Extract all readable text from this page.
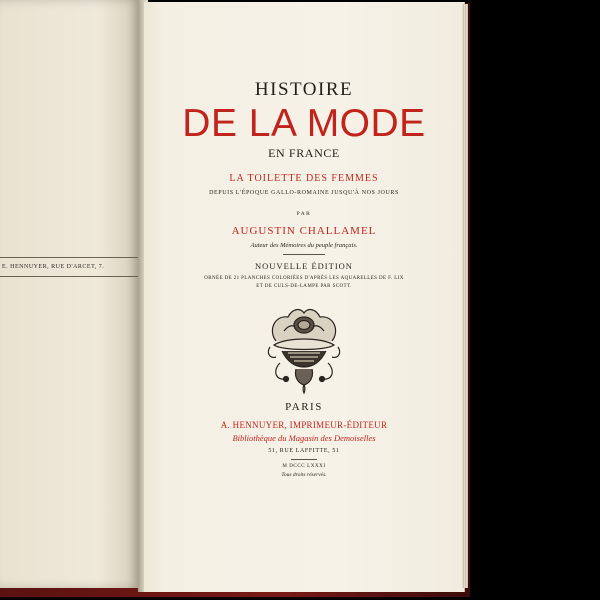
E. HENNUYER, RUE D'ARCET, 7.
HISTOIRE
DE LA MODE
EN FRANCE
LA TOILETTE DES FEMMES
DEPUIS L'ÉPOQUE GALLO-ROMAINE JUSQU'À NOS JOURS
PAR
AUGUSTIN CHALLAMEL
Auteur des Mémoires du peuple français.
NOUVELLE ÉDITION
ORNÉE DE 21 PLANCHES COLORIÉES D'APRÈS LES AQUARELLES DE F. LIX
ET DE CULS-DE-LAMPE PAR SCOTT.
PARIS
A. HENNUYER, IMPRIMEUR-ÉDITEUR
Bibliothèque du Magasin des Demoiselles
51, RUE LAFFITTE, 51
M DCCC LXXXI
Tous droits réservés.
